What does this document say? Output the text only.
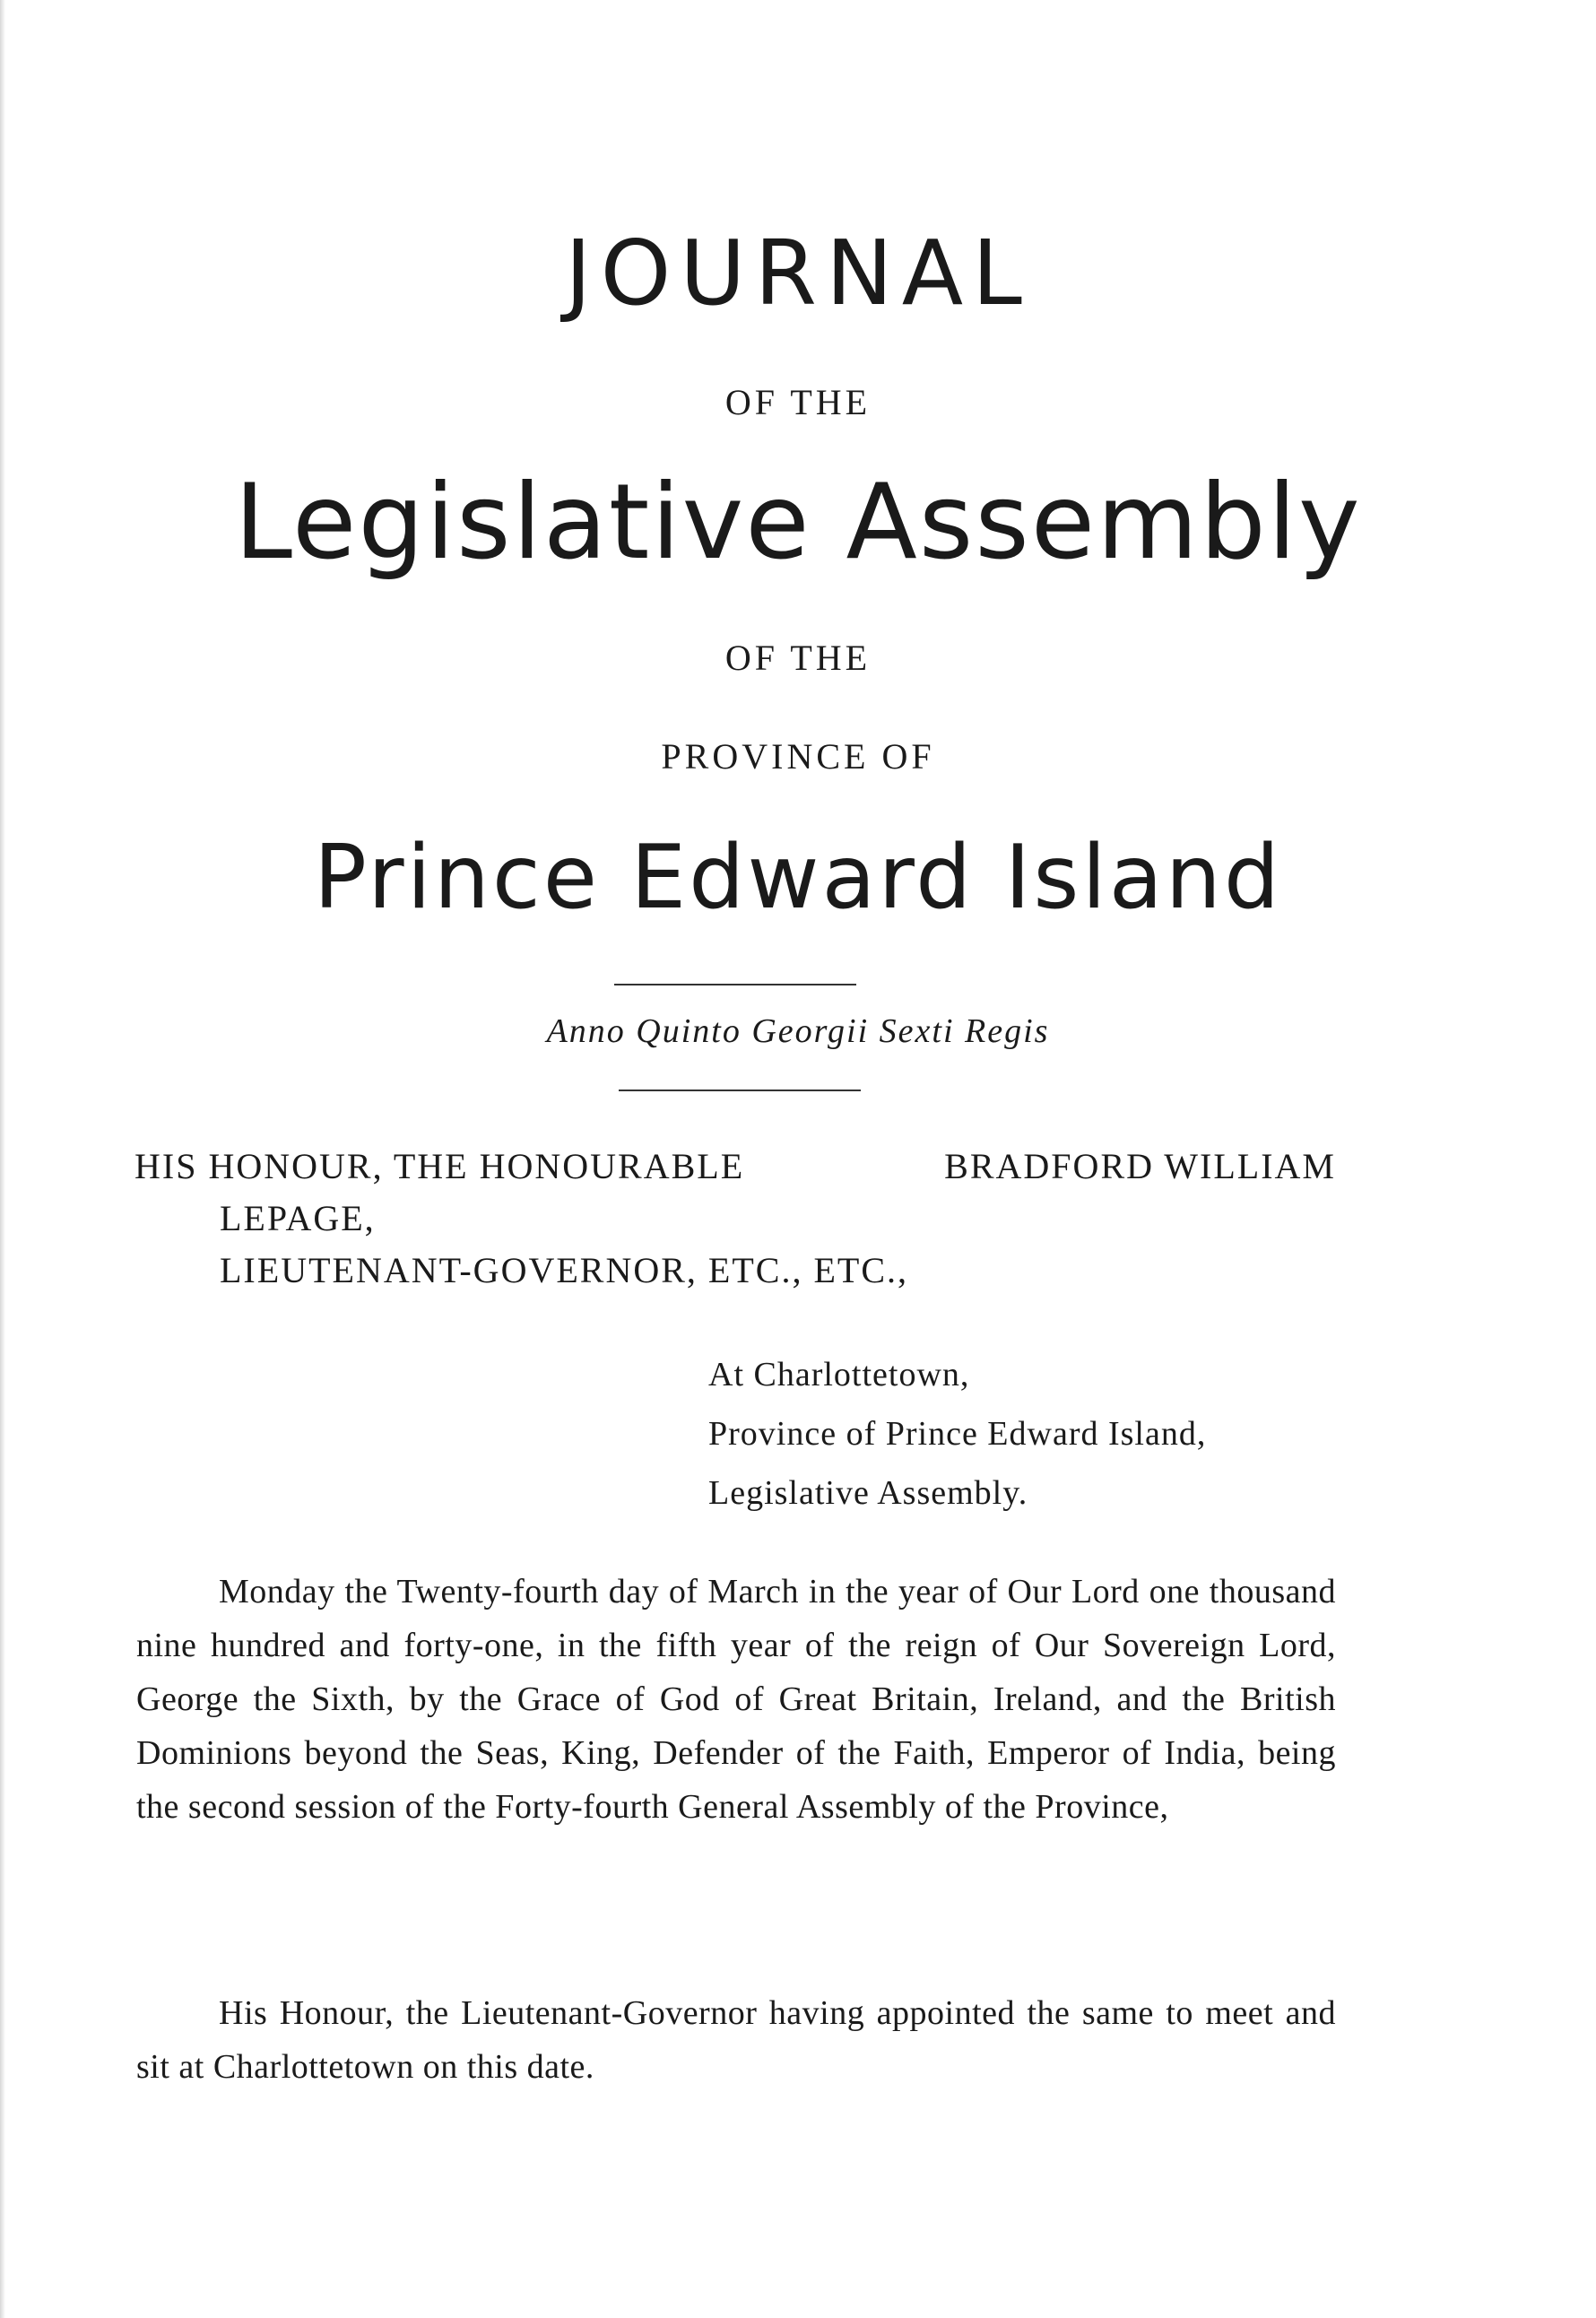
JOURNAL
OF THE
Legislative Assembly
OF THE
PROVINCE OF
Prince Edward Island
Anno Quinto Georgii Sexti Regis
HIS HONOUR, THE HONOURABLE	BRADFORD WILLIAM
LEPAGE,
LIEUTENANT-GOVERNOR, ETC., ETC.,
At Charlottetown,
Province of Prince Edward Island,
Legislative Assembly.
Monday the Twenty-fourth day of March in the year of Our Lord one thousand nine hundred and forty-one, in the fifth year of the reign of Our Sovereign Lord, George the Sixth, by the Grace of God of Great Britain, Ireland, and the British Dominions beyond the Seas, King, Defender of the Faith, Emperor of India, being the second session of the Forty-fourth General Assembly of the Province,
His Honour, the Lieutenant-Governor having appointed the same to meet and sit at Charlottetown on this date.
